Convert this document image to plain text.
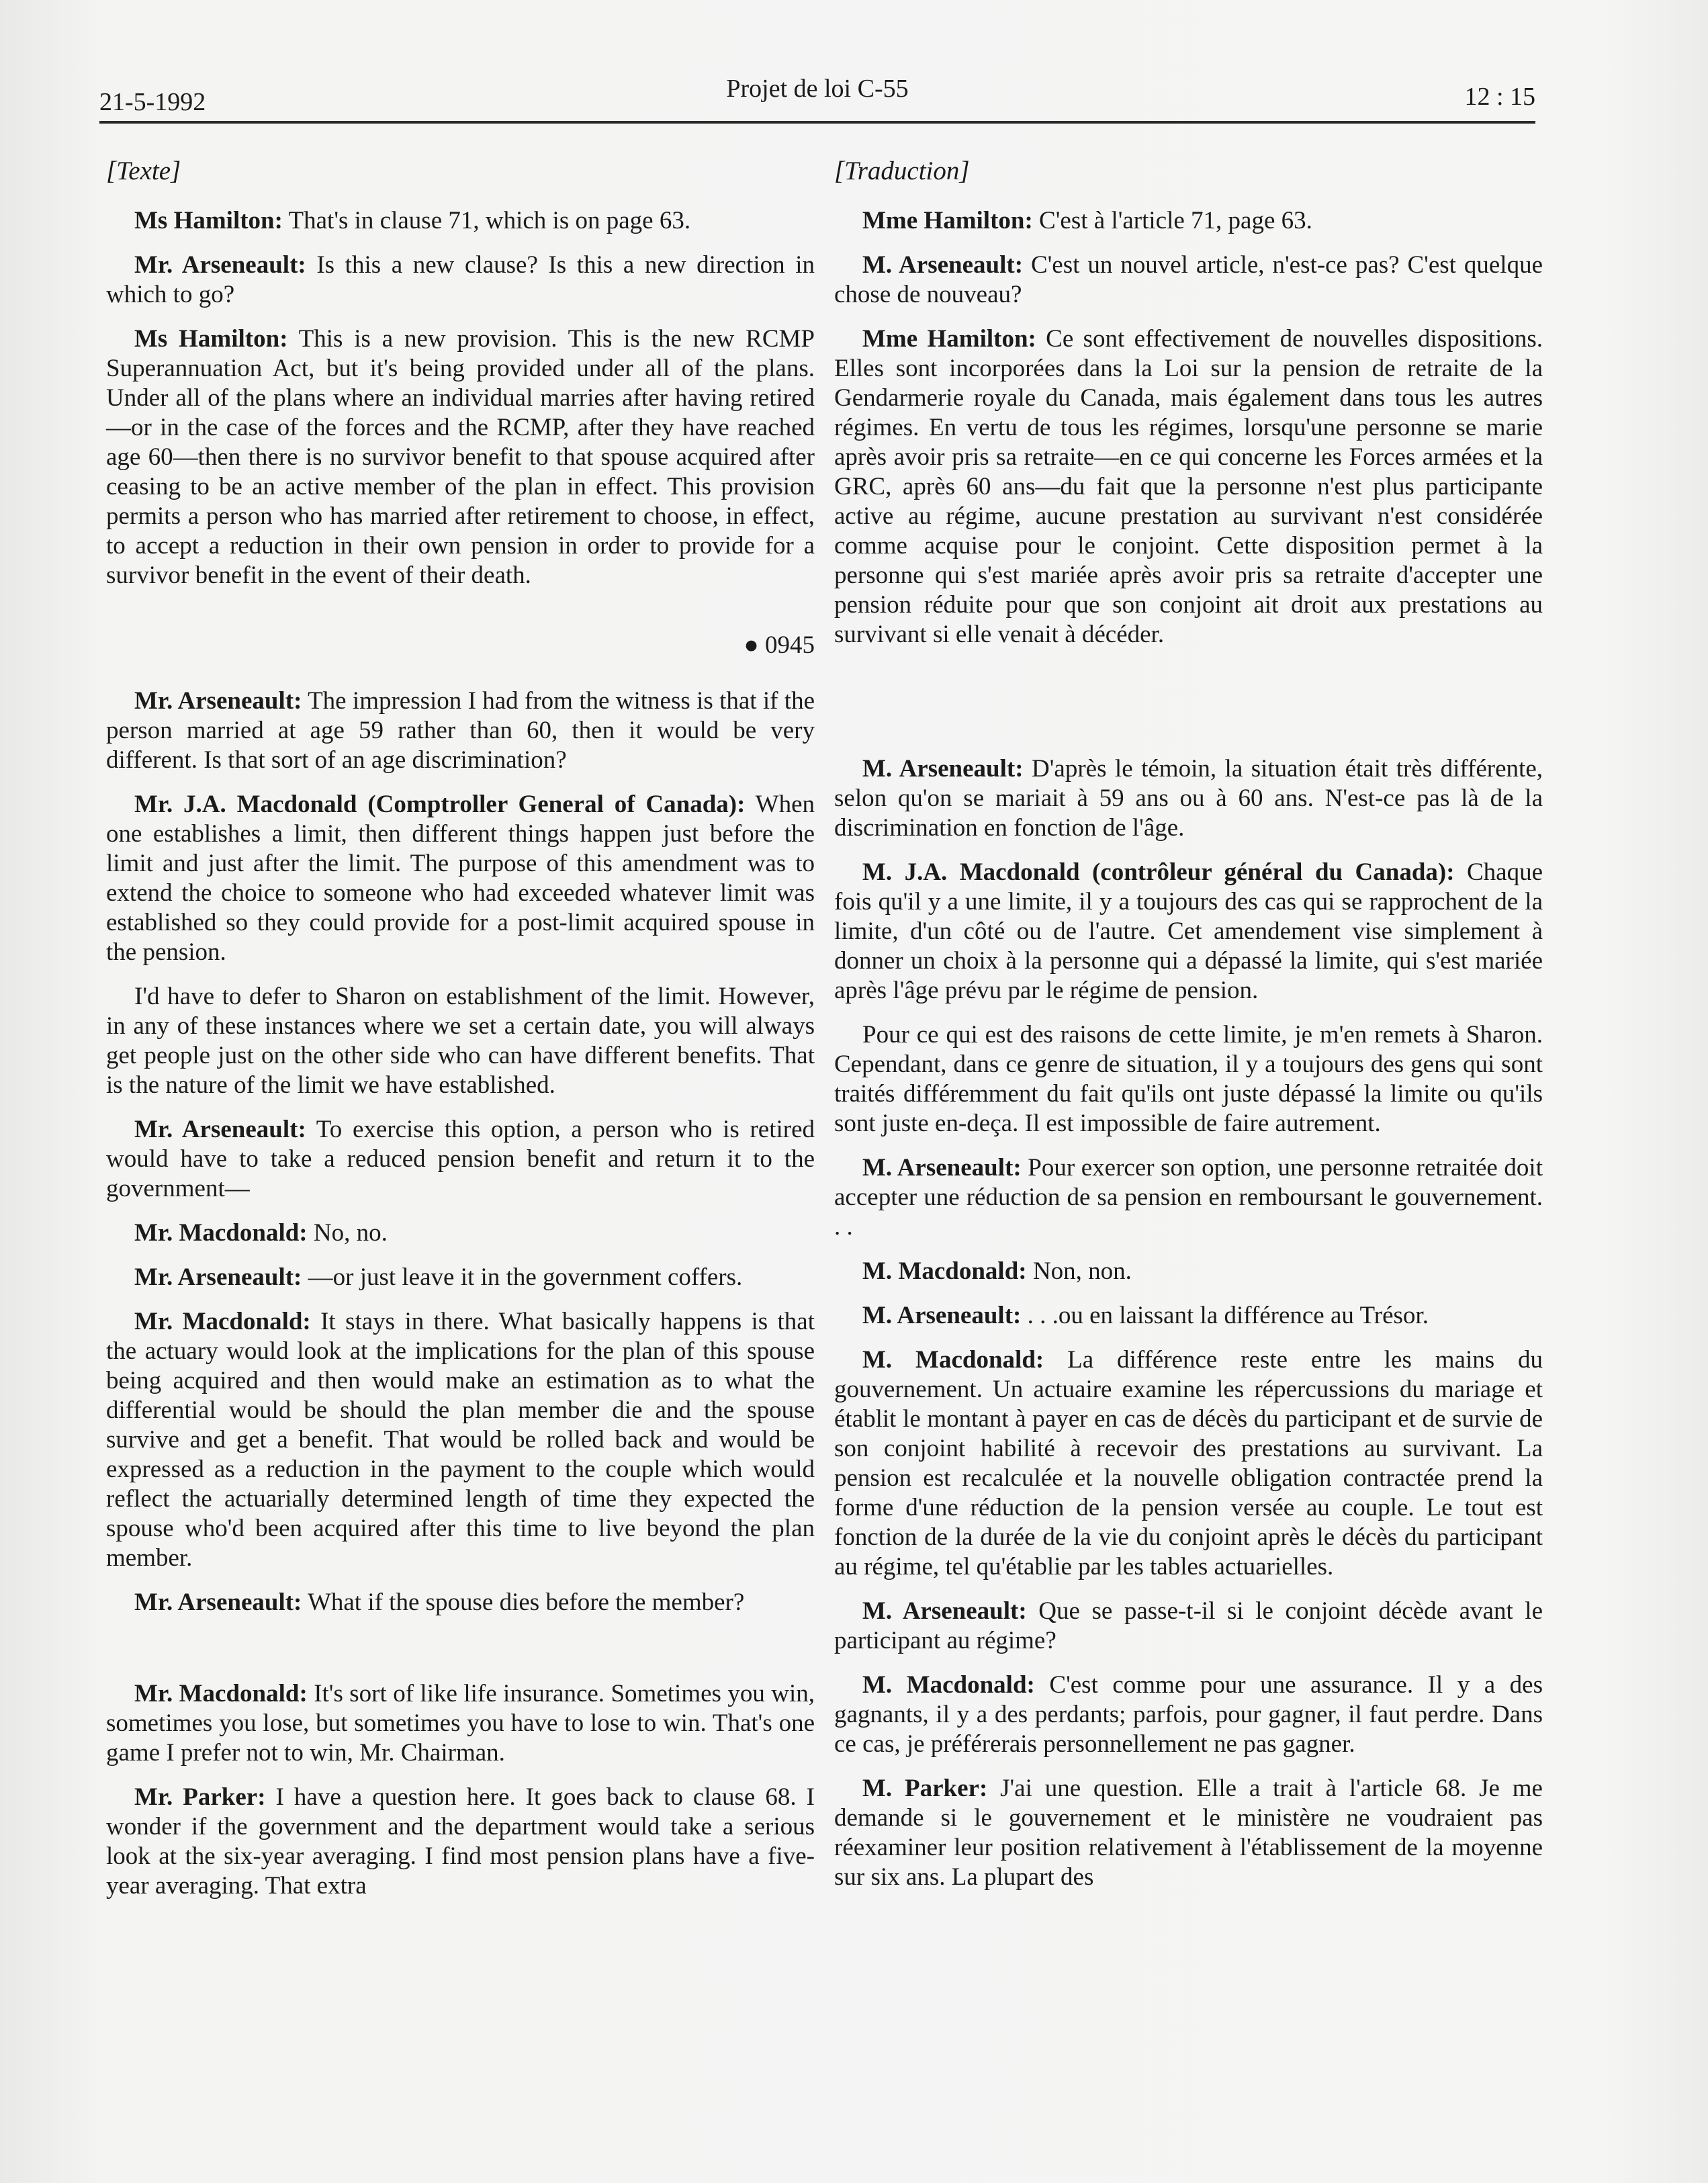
21-5-1992	Projet de loi C-55	12 : 15
[Texte]

Ms Hamilton: That's in clause 71, which is on page 63.

Mr. Arseneault: Is this a new clause? Is this a new direction in which to go?

Ms Hamilton: This is a new provision. This is the new RCMP Superannuation Act, but it's being provided under all of the plans. Under all of the plans where an individual marries after having retired—or in the case of the forces and the RCMP, after they have reached age 60—then there is no survivor benefit to that spouse acquired after ceasing to be an active member of the plan in effect. This provision permits a person who has married after retirement to choose, in effect, to accept a reduction in their own pension in order to provide for a survivor benefit in the event of their death.

● 0945

Mr. Arseneault: The impression I had from the witness is that if the person married at age 59 rather than 60, then it would be very different. Is that sort of an age discrimination?

Mr. J.A. Macdonald (Comptroller General of Canada): When one establishes a limit, then different things happen just before the limit and just after the limit. The purpose of this amendment was to extend the choice to someone who had exceeded whatever limit was established so they could provide for a post-limit acquired spouse in the pension.

I'd have to defer to Sharon on establishment of the limit. However, in any of these instances where we set a certain date, you will always get people just on the other side who can have different benefits. That is the nature of the limit we have established.

Mr. Arseneault: To exercise this option, a person who is retired would have to take a reduced pension benefit and return it to the government—

Mr. Macdonald: No, no.

Mr. Arseneault: —or just leave it in the government coffers.

Mr. Macdonald: It stays in there. What basically happens is that the actuary would look at the implications for the plan of this spouse being acquired and then would make an estimation as to what the differential would be should the plan member die and the spouse survive and get a benefit. That would be rolled back and would be expressed as a reduction in the payment to the couple which would reflect the actuarially determined length of time they expected the spouse who'd been acquired after this time to live beyond the plan member.

Mr. Arseneault: What if the spouse dies before the member?

Mr. Macdonald: It's sort of like life insurance. Sometimes you win, sometimes you lose, but sometimes you have to lose to win. That's one game I prefer not to win, Mr. Chairman.

Mr. Parker: I have a question here. It goes back to clause 68. I wonder if the government and the department would take a serious look at the six-year averaging. I find most pension plans have a five-year averaging. That extra

[Traduction]

Mme Hamilton: C'est à l'article 71, page 63.

M. Arseneault: C'est un nouvel article, n'est-ce pas? C'est quelque chose de nouveau?

Mme Hamilton: Ce sont effectivement de nouvelles dispositions. Elles sont incorporées dans la Loi sur la pension de retraite de la Gendarmerie royale du Canada, mais également dans tous les autres régimes. En vertu de tous les régimes, lorsqu'une personne se marie après avoir pris sa retraite—en ce qui concerne les Forces armées et la GRC, après 60 ans—du fait que la personne n'est plus participante active au régime, aucune prestation au survivant n'est considérée comme acquise pour le conjoint. Cette disposition permet à la personne qui s'est mariée après avoir pris sa retraite d'accepter une pension réduite pour que son conjoint ait droit aux prestations au survivant si elle venait à décéder.

M. Arseneault: D'après le témoin, la situation était très différente, selon qu'on se mariait à 59 ans ou à 60 ans. N'est-ce pas là de la discrimination en fonction de l'âge.

M. J.A. Macdonald (contrôleur général du Canada): Chaque fois qu'il y a une limite, il y a toujours des cas qui se rapprochent de la limite, d'un côté ou de l'autre. Cet amendement vise simplement à donner un choix à la personne qui a dépassé la limite, qui s'est mariée après l'âge prévu par le régime de pension.

Pour ce qui est des raisons de cette limite, je m'en remets à Sharon. Cependant, dans ce genre de situation, il y a toujours des gens qui sont traités différemment du fait qu'ils ont juste dépassé la limite ou qu'ils sont juste en-deça. Il est impossible de faire autrement.

M. Arseneault: Pour exercer son option, une personne retraitée doit accepter une réduction de sa pension en remboursant le gouvernement. . .

M. Macdonald: Non, non.

M. Arseneault: . . .ou en laissant la différence au Trésor.

M. Macdonald: La différence reste entre les mains du gouvernement. Un actuaire examine les répercussions du mariage et établit le montant à payer en cas de décès du participant et de survie de son conjoint habilité à recevoir des prestations au survivant. La pension est recalculée et la nouvelle obligation contractée prend la forme d'une réduction de la pension versée au couple. Le tout est fonction de la durée de la vie du conjoint après le décès du participant au régime, tel qu'établie par les tables actuarielles.

M. Arseneault: Que se passe-t-il si le conjoint décède avant le participant au régime?

M. Macdonald: C'est comme pour une assurance. Il y a des gagnants, il y a des perdants; parfois, pour gagner, il faut perdre. Dans ce cas, je préférerais personnellement ne pas gagner.

M. Parker: J'ai une question. Elle a trait à l'article 68. Je me demande si le gouvernement et le ministère ne voudraient pas réexaminer leur position relativement à l'établissement de la moyenne sur six ans. La plupart des
